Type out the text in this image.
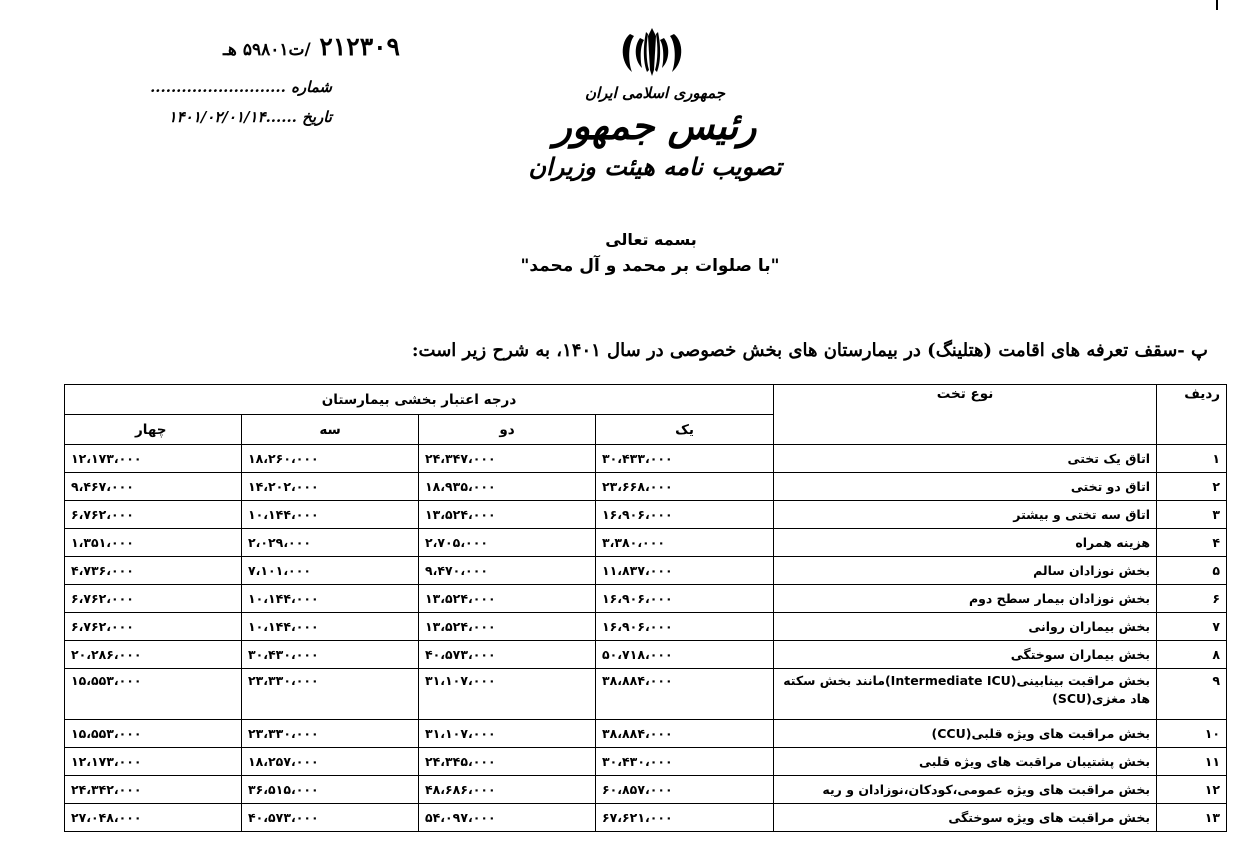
۲۱۲۳۰۹ /ت۵۹۸۰۱ هـ
شماره ..........................
تاریخ ......۱۴۰۱/۰۲/۰۱/۱۴
جمهوری اسلامی ایران
رئیس جمهور
تصویب نامه هیئت وزیران
بسمه تعالی
"با صلوات بر محمد و آل محمد"
پ -سقف تعرفه های اقامت (هتلینگ) در بیمارستان های بخش خصوصی در سال ۱۴۰۱، به شرح زیر است:
ردیف	نوع تخت	درجه اعتبار بخشی بیمارستان			
		یک	دو	سه	چهار
۱	اتاق یک تختی	۳۰،۴۳۳،۰۰۰	۲۴،۳۴۷،۰۰۰	۱۸،۲۶۰،۰۰۰	۱۲،۱۷۳،۰۰۰
۲	اتاق دو تختی	۲۳،۶۶۸،۰۰۰	۱۸،۹۳۵،۰۰۰	۱۴،۲۰۲،۰۰۰	۹،۴۶۷،۰۰۰
۳	اتاق سه تختی و بیشتر	۱۶،۹۰۶،۰۰۰	۱۳،۵۲۴،۰۰۰	۱۰،۱۴۴،۰۰۰	۶،۷۶۲،۰۰۰
۴	هزینه همراه	۳،۳۸۰،۰۰۰	۲،۷۰۵،۰۰۰	۲،۰۲۹،۰۰۰	۱،۳۵۱،۰۰۰
۵	بخش نوزادان سالم	۱۱،۸۳۷،۰۰۰	۹،۴۷۰،۰۰۰	۷،۱۰۱،۰۰۰	۴،۷۳۶،۰۰۰
۶	بخش نوزادان بیمار سطح دوم	۱۶،۹۰۶،۰۰۰	۱۳،۵۲۴،۰۰۰	۱۰،۱۴۴،۰۰۰	۶،۷۶۲،۰۰۰
۷	بخش بیماران روانی	۱۶،۹۰۶،۰۰۰	۱۳،۵۲۴،۰۰۰	۱۰،۱۴۴،۰۰۰	۶،۷۶۲،۰۰۰
۸	بخش بیماران سوختگی	۵۰،۷۱۸،۰۰۰	۴۰،۵۷۳،۰۰۰	۳۰،۴۳۰،۰۰۰	۲۰،۲۸۶،۰۰۰
۹	بخش مراقبت بینابینی(Intermediate ICU)مانند بخش سکته هاد مغزی(SCU)	۳۸،۸۸۴،۰۰۰	۳۱،۱۰۷،۰۰۰	۲۳،۳۳۰،۰۰۰	۱۵،۵۵۳،۰۰۰
۱۰	بخش مراقبت های ویژه قلبی(CCU)	۳۸،۸۸۴،۰۰۰	۳۱،۱۰۷،۰۰۰	۲۳،۳۳۰،۰۰۰	۱۵،۵۵۳،۰۰۰
۱۱	بخش پشتیبان مراقبت های ویژه قلبی	۳۰،۴۳۰،۰۰۰	۲۴،۳۴۵،۰۰۰	۱۸،۲۵۷،۰۰۰	۱۲،۱۷۳،۰۰۰
۱۲	بخش مراقبت های ویژه عمومی،کودکان،نوزادان و ریه	۶۰،۸۵۷،۰۰۰	۴۸،۶۸۶،۰۰۰	۳۶،۵۱۵،۰۰۰	۲۴،۳۴۲،۰۰۰
۱۳	بخش مراقبت های ویژه سوختگی	۶۷،۶۲۱،۰۰۰	۵۴،۰۹۷،۰۰۰	۴۰،۵۷۳،۰۰۰	۲۷،۰۴۸،۰۰۰
